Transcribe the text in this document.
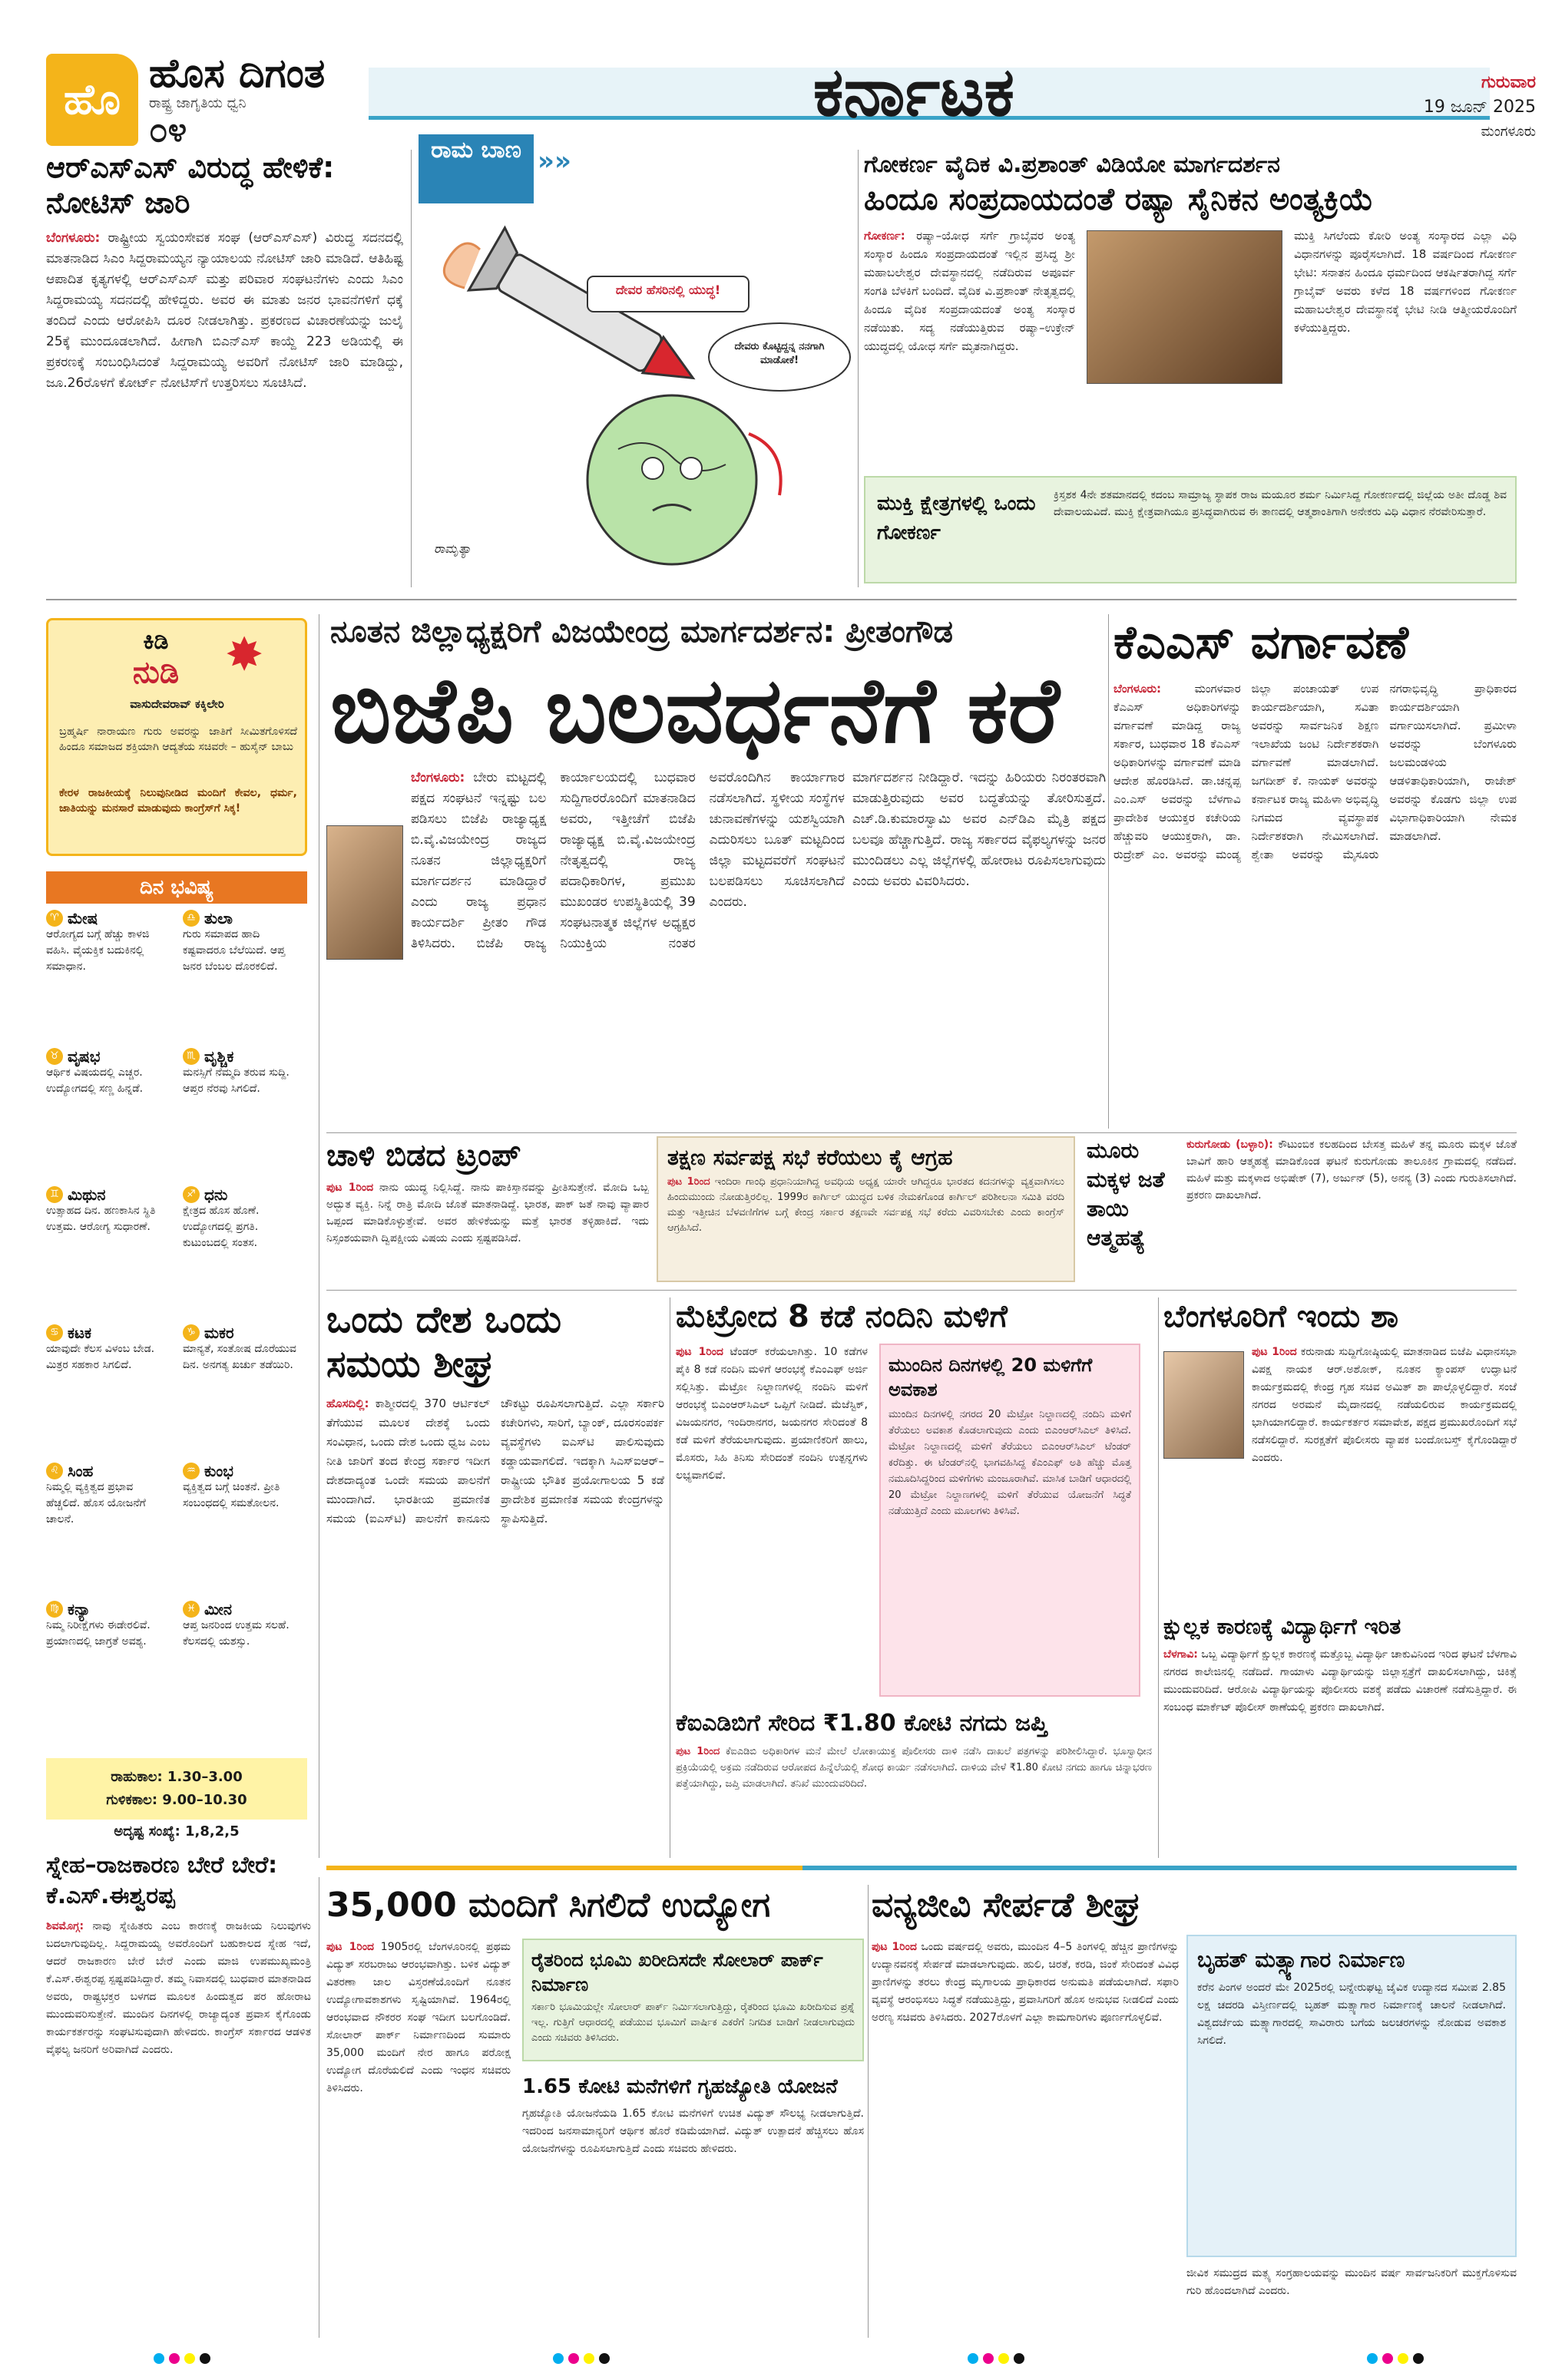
ಹೊ
ಹೊಸ ದಿಗಂತ
ರಾಷ್ಟ್ರ ಜಾಗೃತಿಯ ಧ್ವನಿ
೦೪	ಕರ್ನಾಟಕ	ಗುರುವಾರ
19 ಜೂನ್ 2025
ಮಂಗಳೂರು
ಆರ್‌ಎಸ್‌ಎಸ್ ವಿರುದ್ಧ ಹೇಳಿಕೆ: ನೋಟಿಸ್ ಜಾರಿ
ಬೆಂಗಳೂರು: ರಾಷ್ಟ್ರೀಯ ಸ್ವಯಂಸೇವಕ ಸಂಘ (ಆರ್‌ಎಸ್‌ಎಸ್) ವಿರುದ್ಧ ಸದನದಲ್ಲಿ ಮಾತನಾಡಿದ ಸಿಎಂ ಸಿದ್ದರಾಮಯ್ಯನ ನ್ಯಾಯಾಲಯ ನೋಟಿಸ್ ಜಾರಿ ಮಾಡಿದೆ. ಆತಿಹಿಷ್ಟ ಆಪಾದಿತ ಕೃತ್ಯಗಳಲ್ಲಿ ಆರ್‌ಎಸ್‌ಎಸ್ ಮತ್ತು ಪರಿವಾರ ಸಂಘಟನೆಗಳು ಎಂದು ಸಿಎಂ ಸಿದ್ದರಾಮಯ್ಯ ಸದನದಲ್ಲಿ ಹೇಳಿದ್ದರು. ಅವರ ಈ ಮಾತು ಜನರ ಭಾವನೆಗಳಿಗೆ ಧಕ್ಕೆ ತಂದಿದೆ ಎಂದು ಆರೋಪಿಸಿ ದೂರ ನೀಡಲಾಗಿತ್ತು. ಪ್ರಕರಣದ ವಿಚಾರಣೆಯನ್ನು ಜುಲೈ 25ಕ್ಕೆ ಮುಂದೂಡಲಾಗಿದೆ. ಹೀಗಾಗಿ ಬಿಎನ್‌ಎಸ್ ಕಾಯ್ದೆ 223 ಅಡಿಯಲ್ಲಿ ಈ ಪ್ರಕರಣಕ್ಕೆ ಸಂಬಂಧಿಸಿದಂತೆ ಸಿದ್ದರಾಮಯ್ಯ ಅವರಿಗೆ ನೋಟಿಸ್ ಜಾರಿ ಮಾಡಿದ್ದು, ಜೂ.26ರೊಳಗೆ ಕೋರ್ಟ್ ನೋಟಿಸ್‌ಗೆ ಉತ್ತರಿಸಲು ಸೂಚಿಸಿದೆ.
ರಾಮ ಬಾಣ »»
ದೇವರ ಹೆಸರಿನಲ್ಲಿ ಯುದ್ಧ!
ದೇವರು ಕೊಟ್ಟಿದ್ದನ್ನ ನನಗಾಗಿ ಮಾಡೋಕೆ!
ರಾಮೃತ್ಯಾ
ಗೋಕರ್ಣ ವೈದಿಕ ವಿ.ಪ್ರಶಾಂತ್ ವಿಡಿಯೋ ಮಾರ್ಗದರ್ಶನ
ಹಿಂದೂ ಸಂಪ್ರದಾಯದಂತೆ ರಷ್ಯಾ ಸೈನಿಕನ ಅಂತ್ಯಕ್ರಿಯೆ
ಗೋಕರ್ಣ: ರಷ್ಯಾ–ಯೋಧ ಸರ್ಗೆ ಗ್ರಾಬೈವರ ಅಂತ್ಯ ಸಂಸ್ಕಾರ ಹಿಂದೂ ಸಂಪ್ರದಾಯದಂತೆ ಇಲ್ಲಿನ ಪ್ರಸಿದ್ಧ ಶ್ರೀ ಮಹಾಬಲೇಶ್ವರ ದೇವಸ್ಥಾನದಲ್ಲಿ ನಡೆದಿರುವ ಅಪೂರ್ವ ಸಂಗತಿ ಬೆಳಕಿಗೆ ಬಂದಿದೆ. ವೈದಿಕ ವಿ.ಪ್ರಶಾಂತ್ ನೇತೃತ್ವದಲ್ಲಿ ಹಿಂದೂ ವೈದಿಕ ಸಂಪ್ರದಾಯದಂತೆ ಅಂತ್ಯ ಸಂಸ್ಕಾರ ನಡೆಯಿತು. ಸದ್ಯ ನಡೆಯುತ್ತಿರುವ ರಷ್ಯಾ–ಉಕ್ರೇನ್ ಯುದ್ಧದಲ್ಲಿ ಯೋಧ ಸರ್ಗೆ ಮೃತನಾಗಿದ್ದರು.
ಮುಕ್ತಿ ಸಿಗಲೆಂದು ಕೋರಿ ಅಂತ್ಯ ಸಂಸ್ಕಾರದ ಎಲ್ಲಾ ವಿಧಿ ವಿಧಾನಗಳನ್ನು ಪೂರೈಸಲಾಗಿದೆ. 18 ವರ್ಷದಿಂದ ಗೋಕರ್ಣ ಭೇಟಿ: ಸನಾತನ ಹಿಂದೂ ಧರ್ಮದಿಂದ ಆಕರ್ಷಿತರಾಗಿದ್ದ ಸರ್ಗೆ ಗ್ರಾಬೈವ್ ಅವರು ಕಳೆದ 18 ವರ್ಷಗಳಿಂದ ಗೋಕರ್ಣ ಮಹಾಬಲೇಶ್ವರ ದೇವಸ್ಥಾನಕ್ಕೆ ಭೇಟಿ ನೀಡಿ ಆತ್ಮೀಯರೊಂದಿಗೆ ಕಳೆಯುತ್ತಿದ್ದರು.
ಮುಕ್ತಿ ಕ್ಷೇತ್ರಗಳಲ್ಲಿ ಒಂದು ಗೋಕರ್ಣ
ಕ್ರಿಸ್ತಶಕ 4ನೇ ಶತಮಾನದಲ್ಲಿ ಕದಂಬ ಸಾಮ್ರಾಜ್ಯ ಸ್ಥಾಪಕ ರಾಜ ಮಯೂರ ಶರ್ಮ ನಿರ್ಮಿಸಿದ್ದ ಗೋಕರ್ಣದಲ್ಲಿ ಜಿಲ್ಲೆಯ ಅತೀ ದೊಡ್ಡ ಶಿವ ದೇವಾಲಯವಿದೆ. ಮುಕ್ತಿ ಕ್ಷೇತ್ರವಾಗಿಯೂ ಪ್ರಸಿದ್ಧವಾಗಿರುವ ಈ ತಾಣದಲ್ಲಿ ಆತ್ಮಶಾಂತಿಗಾಗಿ ಅನೇಕರು ವಿಧಿ ವಿಧಾನ ನೆರವೇರಿಸುತ್ತಾರೆ.
ಕಿಡಿ
ನುಡಿ ✸
ವಾಸುದೇವರಾವ್ ಕಕ್ಕಿಲೇರಿ
ಬ್ರಹ್ಮರ್ಷಿ ನಾರಾಯಣ ಗುರು ಅವರನ್ನು ಜಾತಿಗೆ ಸೀಮಿತಗೊಳಿಸದೆ ಹಿಂದೂ ಸಮಾಜದ ಶಕ್ತಿಯಾಗಿ ಆದ್ಯತೆಯ ಸಚಿವರೇ – ಹುಸೈನ್ ಬಾಬು
ಕೇರಳ ರಾಜಕೀಯಕ್ಕೆ ನಿಲುವುನೀಡಿದ ಮಂದಿಗೆ ಕೇವಲ, ಧರ್ಮ, ಜಾತಿಯನ್ನು ಮನಸಾರೆ ಮಾಡುವುದು ಕಾಂಗ್ರೆಸ್‌ಗೆ ಸಿಕ್ಕ!
ದಿನ ಭವಿಷ್ಯ
♈ ಮೇಷ
ಆರೋಗ್ಯದ ಬಗ್ಗೆ ಹೆಚ್ಚು ಕಾಳಜಿ ವಹಿಸಿ. ವೈಯಕ್ತಿಕ ಬದುಕಿನಲ್ಲಿ ಸಮಾಧಾನ.
♎ ತುಲಾ
ಗುರು ಸಮಾಪದ ಹಾದಿ ಕಷ್ಟವಾದರೂ ಬೆಲೆಯಿದೆ. ಆಪ್ತ ಜನರ ಬೆಂಬಲ ದೊರಕಲಿದೆ.
♉ ವೃಷಭ
ಆರ್ಥಿಕ ವಿಷಯದಲ್ಲಿ ಎಚ್ಚರ. ಉದ್ಯೋಗದಲ್ಲಿ ಸಣ್ಣ ಹಿನ್ನಡೆ.
♏ ವೃಶ್ಚಿಕ
ಮನಸ್ಸಿಗೆ ನೆಮ್ಮದಿ ತರುವ ಸುದ್ದಿ. ಆಪ್ತರ ನೆರವು ಸಿಗಲಿದೆ.
♊ ಮಿಥುನ
ಉತ್ಸಾಹದ ದಿನ. ಹಣಕಾಸಿನ ಸ್ಥಿತಿ ಉತ್ತಮ. ಆರೋಗ್ಯ ಸುಧಾರಣೆ.
♐ ಧನು
ಕ್ಷೇತ್ರದ ಹೊಸ ಹೊಣೆ. ಉದ್ಯೋಗದಲ್ಲಿ ಪ್ರಗತಿ. ಕುಟುಂಬದಲ್ಲಿ ಸಂತಸ.
♋ ಕಟಕ
ಯಾವುದೇ ಕೆಲಸ ವಿಳಂಬ ಬೇಡ. ಮಿತ್ರರ ಸಹಕಾರ ಸಿಗಲಿದೆ.
♑ ಮಕರ
ಮಾನ್ಯತೆ, ಸಂತೋಷ ದೊರೆಯುವ ದಿನ. ಅನಗತ್ಯ ಖರ್ಚು ತಡೆಯಿರಿ.
♌ ಸಿಂಹ
ನಿಮ್ಮಲ್ಲಿ ವ್ಯಕ್ತಿತ್ವದ ಪ್ರಭಾವ ಹೆಚ್ಚಲಿದೆ. ಹೊಸ ಯೋಜನೆಗೆ ಚಾಲನೆ.
♒ ಕುಂಭ
ವ್ಯಕ್ತಿತ್ವದ ಬಗ್ಗೆ ಚಿಂತನೆ. ಪ್ರೀತಿ ಸಂಬಂಧದಲ್ಲಿ ಸಮತೋಲನ.
♍ ಕನ್ಯಾ
ನಿಮ್ಮ ನಿರೀಕ್ಷೆಗಳು ಈಡೇರಲಿವೆ. ಪ್ರಯಾಣದಲ್ಲಿ ಜಾಗ್ರತೆ ಅವಶ್ಯ.
♓ ಮೀನ
ಆಪ್ತ ಜನರಿಂದ ಉತ್ತಮ ಸಲಹೆ. ಕೆಲಸದಲ್ಲಿ ಯಶಸ್ಸು.
ರಾಹುಕಾಲ: 1.30–3.00
ಗುಳಿಕಕಾಲ: 9.00–10.30
ಅದೃಷ್ಟ ಸಂಖ್ಯೆ: 1,8,2,5
ನೂತನ ಜಿಲ್ಲಾಧ್ಯಕ್ಷರಿಗೆ ವಿಜಯೇಂದ್ರ ಮಾರ್ಗದರ್ಶನ: ಪ್ರೀತಂಗೌಡ
ಬಿಜೆಪಿ ಬಲವರ್ಧನೆಗೆ ಕರೆ
ಬೆಂಗಳೂರು: ಬೇರು ಮಟ್ಟದಲ್ಲಿ ಪಕ್ಷದ ಸಂಘಟನೆ ಇನ್ನಷ್ಟು ಬಲ ಪಡಿಸಲು ಬಿಜೆಪಿ ರಾಜ್ಯಾಧ್ಯಕ್ಷ ಬಿ.ವೈ.ವಿಜಯೇಂದ್ರ ರಾಜ್ಯದ ನೂತನ ಜಿಲ್ಲಾಧ್ಯಕ್ಷರಿಗೆ ಮಾರ್ಗದರ್ಶನ ಮಾಡಿದ್ದಾರೆ ಎಂದು ರಾಜ್ಯ ಪ್ರಧಾನ ಕಾರ್ಯದರ್ಶಿ ಪ್ರೀತಂ ಗೌಡ ತಿಳಿಸಿದರು. ಬಿಜೆಪಿ ರಾಜ್ಯ ಕಾರ್ಯಾಲಯದಲ್ಲಿ ಬುಧವಾರ ಸುದ್ದಿಗಾರರೊಂದಿಗೆ ಮಾತನಾಡಿದ ಅವರು, ಇತ್ತೀಚೆಗೆ ಬಿಜೆಪಿ ರಾಜ್ಯಾಧ್ಯಕ್ಷ ಬಿ.ವೈ.ವಿಜಯೇಂದ್ರ ನೇತೃತ್ವದಲ್ಲಿ ರಾಜ್ಯ ಪದಾಧಿಕಾರಿಗಳ, ಪ್ರಮುಖ ಮುಖಂಡರ ಉಪಸ್ಥಿತಿಯಲ್ಲಿ 39 ಸಂಘಟನಾತ್ಮಕ ಜಿಲ್ಲೆಗಳ ಅಧ್ಯಕ್ಷರ ನಿಯುಕ್ತಿಯ ನಂತರ ಅವರೊಂದಿಗಿನ ಕಾರ್ಯಾಗಾರ ನಡೆಸಲಾಗಿದೆ. ಸ್ಥಳೀಯ ಸಂಸ್ಥೆಗಳ ಚುನಾವಣೆಗಳನ್ನು ಯಶಸ್ವಿಯಾಗಿ ಎದುರಿಸಲು ಬೂತ್ ಮಟ್ಟದಿಂದ ಜಿಲ್ಲಾ ಮಟ್ಟದವರೆಗೆ ಸಂಘಟನೆ ಬಲಪಡಿಸಲು ಸೂಚಿಸಲಾಗಿದೆ ಎಂದರು.
ಮಾರ್ಗದರ್ಶನ ನೀಡಿದ್ದಾರೆ. ಇದನ್ನು ಹಿರಿಯರು ನಿರಂತರವಾಗಿ ಮಾಡುತ್ತಿರುವುದು ಅವರ ಬದ್ಧತೆಯನ್ನು ತೋರಿಸುತ್ತದೆ. ಎಚ್.ಡಿ.ಕುಮಾರಸ್ವಾಮಿ ಅವರ ಎನ್‌ಡಿಎ ಮೈತ್ರಿ ಪಕ್ಷದ ಬಲವೂ ಹೆಚ್ಚಾಗುತ್ತಿದೆ. ರಾಜ್ಯ ಸರ್ಕಾರದ ವೈಫಲ್ಯಗಳನ್ನು ಜನರ ಮುಂದಿಡಲು ಎಲ್ಲ ಜಿಲ್ಲೆಗಳಲ್ಲಿ ಹೋರಾಟ ರೂಪಿಸಲಾಗುವುದು ಎಂದು ಅವರು ವಿವರಿಸಿದರು.
ಕೆಎಎಸ್ ವರ್ಗಾವಣೆ
ಬೆಂಗಳೂರು:	ಮಂಗಳವಾರ ಕೆಎಎಸ್ ಅಧಿಕಾರಿಗಳನ್ನು ವರ್ಗಾವಣೆ ಮಾಡಿದ್ದ ರಾಜ್ಯ ಸರ್ಕಾರ, ಬುಧವಾರ 18 ಕೆಎಎಸ್ ಅಧಿಕಾರಿಗಳನ್ನು ವರ್ಗಾವಣೆ ಮಾಡಿ ಆದೇಶ ಹೊರಡಿಸಿದೆ. ಡಾ.ಚನ್ನಪ್ಪ ಎಂ.ಎಸ್ ಅವರನ್ನು ಬೆಳಗಾವಿ ಪ್ರಾದೇಶಿಕ ಆಯುಕ್ತರ ಕಚೇರಿಯ ಹೆಚ್ಚುವರಿ ಆಯುಕ್ತರಾಗಿ, ಡಾ. ರುದ್ರೇಶ್ ಎಂ. ಅವರನ್ನು ಮಂಡ್ಯ ಜಿಲ್ಲಾ ಪಂಚಾಯತ್ ಉಪ ಕಾರ್ಯದರ್ಶಿಯಾಗಿ, ಸವಿತಾ ಅವರನ್ನು ಸಾರ್ವಜನಿಕ ಶಿಕ್ಷಣ ಇಲಾಖೆಯ ಜಂಟಿ ನಿರ್ದೇಶಕರಾಗಿ ವರ್ಗಾವಣೆ ಮಾಡಲಾಗಿದೆ. ಜಗದೀಶ್ ಕೆ. ನಾಯಕ್ ಅವರನ್ನು ಕರ್ನಾಟಕ ರಾಜ್ಯ ಮಹಿಳಾ ಅಭಿವೃದ್ಧಿ ನಿಗಮದ ವ್ಯವಸ್ಥಾಪಕ ನಿರ್ದೇಶಕರಾಗಿ ನೇಮಿಸಲಾಗಿದೆ. ಶ್ವೇತಾ ಅವರನ್ನು ಮೈಸೂರು ನಗರಾಭಿವೃದ್ಧಿ ಪ್ರಾಧಿಕಾರದ ಕಾರ್ಯದರ್ಶಿಯಾಗಿ ವರ್ಗಾಯಿಸಲಾಗಿದೆ. ಪ್ರಮೀಳಾ ಅವರನ್ನು ಬೆಂಗಳೂರು ಜಲಮಂಡಳಿಯ ಆಡಳಿತಾಧಿಕಾರಿಯಾಗಿ, ರಾಜೇಶ್ ಅವರನ್ನು ಕೊಡಗು ಜಿಲ್ಲಾ ಉಪ ವಿಭಾಗಾಧಿಕಾರಿಯಾಗಿ ನೇಮಕ ಮಾಡಲಾಗಿದೆ.
ಚಾಳಿ ಬಿಡದ ಟ್ರಂಪ್
ಪುಟ 1ರಿಂದ ನಾನು ಯುದ್ಧ ನಿಲ್ಲಿಸಿದ್ದೆ. ನಾನು ಪಾಕಿಸ್ತಾನವನ್ನು ಪ್ರೀತಿಸುತ್ತೇನೆ. ಮೋದಿ ಒಬ್ಬ ಅದ್ಭುತ ವ್ಯಕ್ತಿ. ನಿನ್ನೆ ರಾತ್ರಿ ಮೋದಿ ಜೊತೆ ಮಾತನಾಡಿದ್ದೆ. ಭಾರತ, ಪಾಕ್ ಜತೆ ನಾವು ವ್ಯಾಪಾರ ಒಪ್ಪಂದ ಮಾಡಿಕೊಳ್ಳುತ್ತೇವೆ. ಅವರ ಹೇಳಿಕೆಯನ್ನು ಮತ್ತೆ ಭಾರತ ತಳ್ಳಿಹಾಕಿದೆ. ಇದು ನಿಸ್ಸಂಶಯವಾಗಿ ದ್ವಿಪಕ್ಷೀಯ ವಿಷಯ ಎಂದು ಸ್ಪಷ್ಟಪಡಿಸಿದೆ.
ತಕ್ಷಣ ಸರ್ವಪಕ್ಷ ಸಭೆ ಕರೆಯಲು ಕೈ ಆಗ್ರಹ
ಪುಟ 1ರಿಂದ ಇಂದಿರಾ ಗಾಂಧಿ ಪ್ರಧಾನಿಯಾಗಿದ್ದ ಅವಧಿಯ ಅಧ್ಯಕ್ಷ ಯಾರೇ ಆಗಿದ್ದರೂ ಭಾರತದ ಕದನಗಳನ್ನು ವ್ಯಕ್ತವಾಗಿಸಲು ಹಿಂದುಮುಂದು ನೋಡುತ್ತಿರಲಿಲ್ಲ. 1999ರ ಕಾರ್ಗಿಲ್ ಯುದ್ಧದ ಬಳಿಕ ನೇಮಕಗೊಂಡ ಕಾರ್ಗಿಲ್ ಪರಿಶೀಲನಾ ಸಮಿತಿ ವರದಿ ಮತ್ತು ಇತ್ತೀಚಿನ ಬೆಳವಣಿಗೆಗಳ ಬಗ್ಗೆ ಕೇಂದ್ರ ಸರ್ಕಾರ ತಕ್ಷಣವೇ ಸರ್ವಪಕ್ಷ ಸಭೆ ಕರೆದು ವಿವರಿಸಬೇಕು ಎಂದು ಕಾಂಗ್ರೆಸ್ ಆಗ್ರಹಿಸಿದೆ.
ಮೂರು ಮಕ್ಕಳ ಜತೆ ತಾಯಿ ಆತ್ಮಹತ್ಯೆ
ಕುರುಗೋಡು (ಬಳ್ಳಾರಿ): ಕೌಟುಂಬಿಕ ಕಲಹದಿಂದ ಬೇಸತ್ತ ಮಹಿಳೆ ತನ್ನ ಮೂರು ಮಕ್ಕಳ ಜೊತೆ ಬಾವಿಗೆ ಹಾರಿ ಆತ್ಮಹತ್ಯೆ ಮಾಡಿಕೊಂಡ ಘಟನೆ ಕುರುಗೋಡು ತಾಲೂಕಿನ ಗ್ರಾಮದಲ್ಲಿ ನಡೆದಿದೆ. ಮಹಿಳೆ ಮತ್ತು ಮಕ್ಕಳಾದ ಅಭಿಷೇಕ್ (7), ಅರ್ಜುನ್ (5), ಅನನ್ಯ (3) ಎಂದು ಗುರುತಿಸಲಾಗಿದೆ. ಪ್ರಕರಣ ದಾಖಲಾಗಿದೆ.
ಒಂದು ದೇಶ ಒಂದು ಸಮಯ ಶೀಘ್ರ
ಹೊಸದಿಲ್ಲಿ: ಕಾಶ್ಮೀರದಲ್ಲಿ 370 ಆರ್ಟಿಕಲ್ ತೆಗೆಯುವ ಮೂಲಕ ದೇಶಕ್ಕೆ ಒಂದು ಸಂವಿಧಾನ, ಒಂದು ದೇಶ ಒಂದು ಧ್ವಜ ಎಂಬ ನೀತಿ ಜಾರಿಗೆ ತಂದ ಕೇಂದ್ರ ಸರ್ಕಾರ ಇದೀಗ ದೇಶದಾದ್ಯಂತ ಒಂದೇ ಸಮಯ ಪಾಲನೆಗೆ ಮುಂದಾಗಿದೆ. ಭಾರತೀಯ ಪ್ರಮಾಣಿತ ಸಮಯ (ಐಎಸ್‌ಟಿ) ಪಾಲನೆಗೆ ಕಾನೂನು ಚೌಕಟ್ಟು ರೂಪಿಸಲಾಗುತ್ತಿದೆ. ಎಲ್ಲಾ ಸರ್ಕಾರಿ ಕಚೇರಿಗಳು, ಸಾರಿಗೆ, ಬ್ಯಾಂಕ್, ದೂರಸಂಪರ್ಕ ವ್ಯವಸ್ಥೆಗಳು ಐಎಸ್‌ಟಿ ಪಾಲಿಸುವುದು ಕಡ್ಡಾಯವಾಗಲಿದೆ. ಇದಕ್ಕಾಗಿ ಸಿಎಸ್‌ಐಆರ್–ರಾಷ್ಟ್ರೀಯ ಭೌತಿಕ ಪ್ರಯೋಗಾಲಯ 5 ಕಡೆ ಪ್ರಾದೇಶಿಕ ಪ್ರಮಾಣಿತ ಸಮಯ ಕೇಂದ್ರಗಳನ್ನು ಸ್ಥಾಪಿಸುತ್ತಿದೆ.
ಮೆಟ್ರೋದ 8 ಕಡೆ ನಂದಿನಿ ಮಳಿಗೆ
ಪುಟ 1ರಿಂದ ಟೆಂಡರ್ ಕರೆಯಲಾಗಿತ್ತು. 10 ಕಡೆಗಳ ಪೈಕಿ 8 ಕಡೆ ನಂದಿನಿ ಮಳಿಗೆ ಆರಂಭಕ್ಕೆ ಕೆಎಂಎಫ್ ಅರ್ಜಿ ಸಲ್ಲಿಸಿತ್ತು. ಮೆಟ್ರೋ ನಿಲ್ದಾಣಗಳಲ್ಲಿ ನಂದಿನಿ ಮಳಿಗೆ ಆರಂಭಕ್ಕೆ ಬಿಎಂಆರ್‌ಸಿಎಲ್ ಒಪ್ಪಿಗೆ ನೀಡಿದೆ. ಮೆಜೆಸ್ಟಿಕ್, ವಿಜಯನಗರ, ಇಂದಿರಾನಗರ, ಜಯನಗರ ಸೇರಿದಂತೆ 8 ಕಡೆ ಮಳಿಗೆ ತೆರೆಯಲಾಗುವುದು. ಪ್ರಯಾಣಿಕರಿಗೆ ಹಾಲು, ಮೊಸರು, ಸಿಹಿ ತಿನಿಸು ಸೇರಿದಂತೆ ನಂದಿನಿ ಉತ್ಪನ್ನಗಳು ಲಭ್ಯವಾಗಲಿವೆ.
ಮುಂದಿನ ದಿನಗಳಲ್ಲಿ 20 ಮಳಿಗೆಗೆ ಅವಕಾಶ
ಮುಂದಿನ ದಿನಗಳಲ್ಲಿ ನಗರದ 20 ಮೆಟ್ರೋ ನಿಲ್ದಾಣದಲ್ಲಿ ನಂದಿನಿ ಮಳಿಗೆ ತೆರೆಯಲು ಅವಕಾಶ ಕೊಡಲಾಗುವುದು ಎಂದು ಬಿಎಂಆರ್‌ಸಿಎಲ್ ತಿಳಿಸಿದೆ. ಮೆಟ್ರೋ ನಿಲ್ದಾಣದಲ್ಲಿ ಮಳಿಗೆ ತೆರೆಯಲು ಬಿಎಂಆರ್‌ಸಿಎಲ್ ಟೆಂಡರ್ ಕರೆದಿತ್ತು. ಈ ಟೆಂಡರ್‌ನಲ್ಲಿ ಭಾಗವಹಿಸಿದ್ದ ಕೆಎಂಎಫ್ ಅತಿ ಹೆಚ್ಚು ಮೊತ್ತ ನಮೂದಿಸಿದ್ದರಿಂದ ಮಳಿಗೆಗಳು ಮಂಜೂರಾಗಿವೆ. ಮಾಸಿಕ ಬಾಡಿಗೆ ಆಧಾರದಲ್ಲಿ 20 ಮೆಟ್ರೋ ನಿಲ್ದಾಣಗಳಲ್ಲಿ ಮಳಿಗೆ ತೆರೆಯುವ ಯೋಜನೆಗೆ ಸಿದ್ಧತೆ ನಡೆಯುತ್ತಿದೆ ಎಂದು ಮೂಲಗಳು ತಿಳಿಸಿವೆ.
ಬೆಂಗಳೂರಿಗೆ ಇಂದು ಶಾ
ಪುಟ 1ರಿಂದ ಕರುನಾಡು ಸುದ್ದಿಗೋಷ್ಠಿಯಲ್ಲಿ ಮಾತನಾಡಿದ ಬಿಜೆಪಿ ವಿಧಾನಸಭಾ ವಿಪಕ್ಷ ನಾಯಕ ಆರ್.ಅಶೋಕ್, ನೂತನ ಕ್ಯಾಂಪಸ್ ಉದ್ಘಾಟನೆ ಕಾರ್ಯಕ್ರಮದಲ್ಲಿ ಕೇಂದ್ರ ಗೃಹ ಸಚಿವ ಅಮಿತ್ ಶಾ ಪಾಲ್ಗೊಳ್ಳಲಿದ್ದಾರೆ. ಸಂಜೆ ನಗರದ ಅರಮನೆ ಮೈದಾನದಲ್ಲಿ ನಡೆಯಲಿರುವ ಕಾರ್ಯಕ್ರಮದಲ್ಲಿ ಭಾಗಿಯಾಗಲಿದ್ದಾರೆ. ಕಾರ್ಯಕರ್ತರ ಸಮಾವೇಶ, ಪಕ್ಷದ ಪ್ರಮುಖರೊಂದಿಗೆ ಸಭೆ ನಡೆಸಲಿದ್ದಾರೆ. ಸುರಕ್ಷತೆಗೆ ಪೊಲೀಸರು ವ್ಯಾಪಕ ಬಂದೋಬಸ್ತ್ ಕೈಗೊಂಡಿದ್ದಾರೆ ಎಂದರು.
ಕ್ಷುಲ್ಲಕ ಕಾರಣಕ್ಕೆ ವಿದ್ಯಾರ್ಥಿಗೆ ಇರಿತ
ಬೆಳಗಾವಿ: ಒಬ್ಬ ವಿದ್ಯಾರ್ಥಿಗೆ ಕ್ಷುಲ್ಲಕ ಕಾರಣಕ್ಕೆ ಮತ್ತೊಬ್ಬ ವಿದ್ಯಾರ್ಥಿ ಚಾಕುವಿನಿಂದ ಇರಿದ ಘಟನೆ ಬೆಳಗಾವಿ ನಗರದ ಕಾಲೇಜಿನಲ್ಲಿ ನಡೆದಿದೆ. ಗಾಯಾಳು ವಿದ್ಯಾರ್ಥಿಯನ್ನು ಜಿಲ್ಲಾಸ್ಪತ್ರೆಗೆ ದಾಖಲಿಸಲಾಗಿದ್ದು, ಚಿಕಿತ್ಸೆ ಮುಂದುವರಿದಿದೆ. ಆರೋಪಿ ವಿದ್ಯಾರ್ಥಿಯನ್ನು ಪೊಲೀಸರು ವಶಕ್ಕೆ ಪಡೆದು ವಿಚಾರಣೆ ನಡೆಸುತ್ತಿದ್ದಾರೆ. ಈ ಸಂಬಂಧ ಮಾರ್ಕೆಟ್ ಪೊಲೀಸ್ ಠಾಣೆಯಲ್ಲಿ ಪ್ರಕರಣ ದಾಖಲಾಗಿದೆ.
ಕೆಐಎಡಿಬಿಗೆ ಸೇರಿದ ₹1.80 ಕೋಟಿ ನಗದು ಜಪ್ತಿ
ಪುಟ 1ರಿಂದ ಕೆಐಎಡಿಬಿ ಅಧಿಕಾರಿಗಳ ಮನೆ ಮೇಲೆ ಲೋಕಾಯುಕ್ತ ಪೊಲೀಸರು ದಾಳಿ ನಡೆಸಿ ದಾಖಲೆ ಪತ್ರಗಳನ್ನು ಪರಿಶೀಲಿಸಿದ್ದಾರೆ. ಭೂಸ್ವಾಧೀನ ಪ್ರಕ್ರಿಯೆಯಲ್ಲಿ ಅಕ್ರಮ ನಡೆದಿರುವ ಆರೋಪದ ಹಿನ್ನೆಲೆಯಲ್ಲಿ ಶೋಧ ಕಾರ್ಯ ನಡೆಸಲಾಗಿದೆ. ದಾಳಿಯ ವೇಳೆ ₹1.80 ಕೋಟಿ ನಗದು ಹಾಗೂ ಚಿನ್ನಾಭರಣ ಪತ್ತೆಯಾಗಿದ್ದು, ಜಪ್ತಿ ಮಾಡಲಾಗಿದೆ. ತನಿಖೆ ಮುಂದುವರಿದಿದೆ.
ಸ್ನೇಹ–ರಾಜಕಾರಣ ಬೇರೆ ಬೇರೆ: ಕೆ.ಎಸ್.ಈಶ್ವರಪ್ಪ
ಶಿವಮೊಗ್ಗ: ನಾವು ಸ್ನೇಹಿತರು ಎಂಬ ಕಾರಣಕ್ಕೆ ರಾಜಕೀಯ ನಿಲುವುಗಳು ಬದಲಾಗುವುದಿಲ್ಲ. ಸಿದ್ದರಾಮಯ್ಯ ಅವರೊಂದಿಗೆ ಬಹುಕಾಲದ ಸ್ನೇಹ ಇದೆ, ಆದರೆ ರಾಜಕಾರಣ ಬೇರೆ ಬೇರೆ ಎಂದು ಮಾಜಿ ಉಪಮುಖ್ಯಮಂತ್ರಿ ಕೆ.ಎಸ್.ಈಶ್ವರಪ್ಪ ಸ್ಪಷ್ಟಪಡಿಸಿದ್ದಾರೆ. ತಮ್ಮ ನಿವಾಸದಲ್ಲಿ ಬುಧವಾರ ಮಾತನಾಡಿದ ಅವರು, ರಾಷ್ಟ್ರಭಕ್ತರ ಬಳಗದ ಮೂಲಕ ಹಿಂದುತ್ವದ ಪರ ಹೋರಾಟ ಮುಂದುವರಿಸುತ್ತೇನೆ. ಮುಂದಿನ ದಿನಗಳಲ್ಲಿ ರಾಜ್ಯಾದ್ಯಂತ ಪ್ರವಾಸ ಕೈಗೊಂಡು ಕಾರ್ಯಕರ್ತರನ್ನು ಸಂಘಟಿಸುವುದಾಗಿ ಹೇಳಿದರು. ಕಾಂಗ್ರೆಸ್ ಸರ್ಕಾರದ ಆಡಳಿತ ವೈಫಲ್ಯ ಜನರಿಗೆ ಅರಿವಾಗಿದೆ ಎಂದರು.
35,000 ಮಂದಿಗೆ ಸಿಗಲಿದೆ ಉದ್ಯೋಗ
ಪುಟ 1ರಿಂದ 1905ರಲ್ಲಿ ಬೆಂಗಳೂರಿನಲ್ಲಿ ಪ್ರಥಮ ವಿದ್ಯುತ್ ಸರಬರಾಜು ಆರಂಭವಾಗಿತ್ತು. ಬಳಿಕ ವಿದ್ಯುತ್ ವಿತರಣಾ ಜಾಲ ವಿಸ್ತರಣೆಯೊಂದಿಗೆ ನೂತನ ಉದ್ಯೋಗಾವಕಾಶಗಳು ಸೃಷ್ಟಿಯಾಗಿವೆ. 1964ರಲ್ಲಿ ಆರಂಭವಾದ ನೌಕರರ ಸಂಘ ಇದೀಗ ಬಲಗೊಂಡಿದೆ. ಸೋಲಾರ್ ಪಾರ್ಕ್ ನಿರ್ಮಾಣದಿಂದ ಸುಮಾರು 35,000 ಮಂದಿಗೆ ನೇರ ಹಾಗೂ ಪರೋಕ್ಷ ಉದ್ಯೋಗ ದೊರೆಯಲಿದೆ ಎಂದು ಇಂಧನ ಸಚಿವರು ತಿಳಿಸಿದರು.
ರೈತರಿಂದ ಭೂಮಿ ಖರೀದಿಸದೇ ಸೋಲಾರ್ ಪಾರ್ಕ್ ನಿರ್ಮಾಣ
ಸರ್ಕಾರಿ ಭೂಮಿಯಲ್ಲೇ ಸೋಲಾರ್ ಪಾರ್ಕ್ ನಿರ್ಮಿಸಲಾಗುತ್ತಿದ್ದು, ರೈತರಿಂದ ಭೂಮಿ ಖರೀದಿಸುವ ಪ್ರಶ್ನೆ ಇಲ್ಲ. ಗುತ್ತಿಗೆ ಆಧಾರದಲ್ಲಿ ಪಡೆಯುವ ಭೂಮಿಗೆ ವಾರ್ಷಿಕ ಎಕರೆಗೆ ನಿಗದಿತ ಬಾಡಿಗೆ ನೀಡಲಾಗುವುದು ಎಂದು ಸಚಿವರು ತಿಳಿಸಿದರು.
1.65 ಕೋಟಿ ಮನೆಗಳಿಗೆ ಗೃಹಜ್ಯೋತಿ ಯೋಜನೆ
ಗೃಹಜ್ಯೋತಿ ಯೋಜನೆಯಡಿ 1.65 ಕೋಟಿ ಮನೆಗಳಿಗೆ ಉಚಿತ ವಿದ್ಯುತ್ ಸೌಲಭ್ಯ ನೀಡಲಾಗುತ್ತಿದೆ. ಇದರಿಂದ ಜನಸಾಮಾನ್ಯರಿಗೆ ಆರ್ಥಿಕ ಹೊರೆ ಕಡಿಮೆಯಾಗಿದೆ. ವಿದ್ಯುತ್ ಉತ್ಪಾದನೆ ಹೆಚ್ಚಿಸಲು ಹೊಸ ಯೋಜನೆಗಳನ್ನು ರೂಪಿಸಲಾಗುತ್ತಿದೆ ಎಂದು ಸಚಿವರು ಹೇಳಿದರು.
ವನ್ಯಜೀವಿ ಸೇರ್ಪಡೆ ಶೀಘ್ರ
ಪುಟ 1ರಿಂದ ಒಂದು ವರ್ಷದಲ್ಲಿ ಅವರು, ಮುಂದಿನ 4–5 ತಿಂಗಳಲ್ಲಿ ಹೆಚ್ಚಿನ ಪ್ರಾಣಿಗಳನ್ನು ಉದ್ಯಾನವನಕ್ಕೆ ಸೇರ್ಪಡೆ ಮಾಡಲಾಗುವುದು. ಹುಲಿ, ಚಿರತೆ, ಕರಡಿ, ಜಿಂಕೆ ಸೇರಿದಂತೆ ವಿವಿಧ ಪ್ರಾಣಿಗಳನ್ನು ತರಲು ಕೇಂದ್ರ ಮೃಗಾಲಯ ಪ್ರಾಧಿಕಾರದ ಅನುಮತಿ ಪಡೆಯಲಾಗಿದೆ. ಸಫಾರಿ ವ್ಯವಸ್ಥೆ ಆರಂಭಿಸಲು ಸಿದ್ಧತೆ ನಡೆಯುತ್ತಿದ್ದು, ಪ್ರವಾಸಿಗರಿಗೆ ಹೊಸ ಅನುಭವ ನೀಡಲಿದೆ ಎಂದು ಅರಣ್ಯ ಸಚಿವರು ತಿಳಿಸಿದರು. 2027ರೊಳಗೆ ಎಲ್ಲಾ ಕಾಮಗಾರಿಗಳು ಪೂರ್ಣಗೊಳ್ಳಲಿವೆ.
ಬೃಹತ್ ಮತ್ಸ್ಯಾಗಾರ ನಿರ್ಮಾಣ
ಕರೆನ ಪಿಂಗಳ ಅಂದರೆ ಮೇ 2025ರಲ್ಲಿ ಬನ್ನೇರುಘಟ್ಟ ಜೈವಿಕ ಉದ್ಯಾನದ ಸಮೀಪ 2.85 ಲಕ್ಷ ಚದರಡಿ ವಿಸ್ತೀರ್ಣದಲ್ಲಿ ಬೃಹತ್ ಮತ್ಸ್ಯಾಗಾರ ನಿರ್ಮಾಣಕ್ಕೆ ಚಾಲನೆ ನೀಡಲಾಗಿದೆ. ವಿಶ್ವದರ್ಜೆಯ ಮತ್ಸ್ಯಾಗಾರದಲ್ಲಿ ಸಾವಿರಾರು ಬಗೆಯ ಜಲಚರಗಳನ್ನು ನೋಡುವ ಅವಕಾಶ ಸಿಗಲಿದೆ.
ಜೀವಿಕ ಸಮುದ್ರದ ಮತ್ಸ್ಯ ಸಂಗ್ರಹಾಲಯವನ್ನು ಮುಂದಿನ ವರ್ಷ ಸಾರ್ವಜನಿಕರಿಗೆ ಮುಕ್ತಗೊಳಿಸುವ ಗುರಿ ಹೊಂದಲಾಗಿದೆ ಎಂದರು.
